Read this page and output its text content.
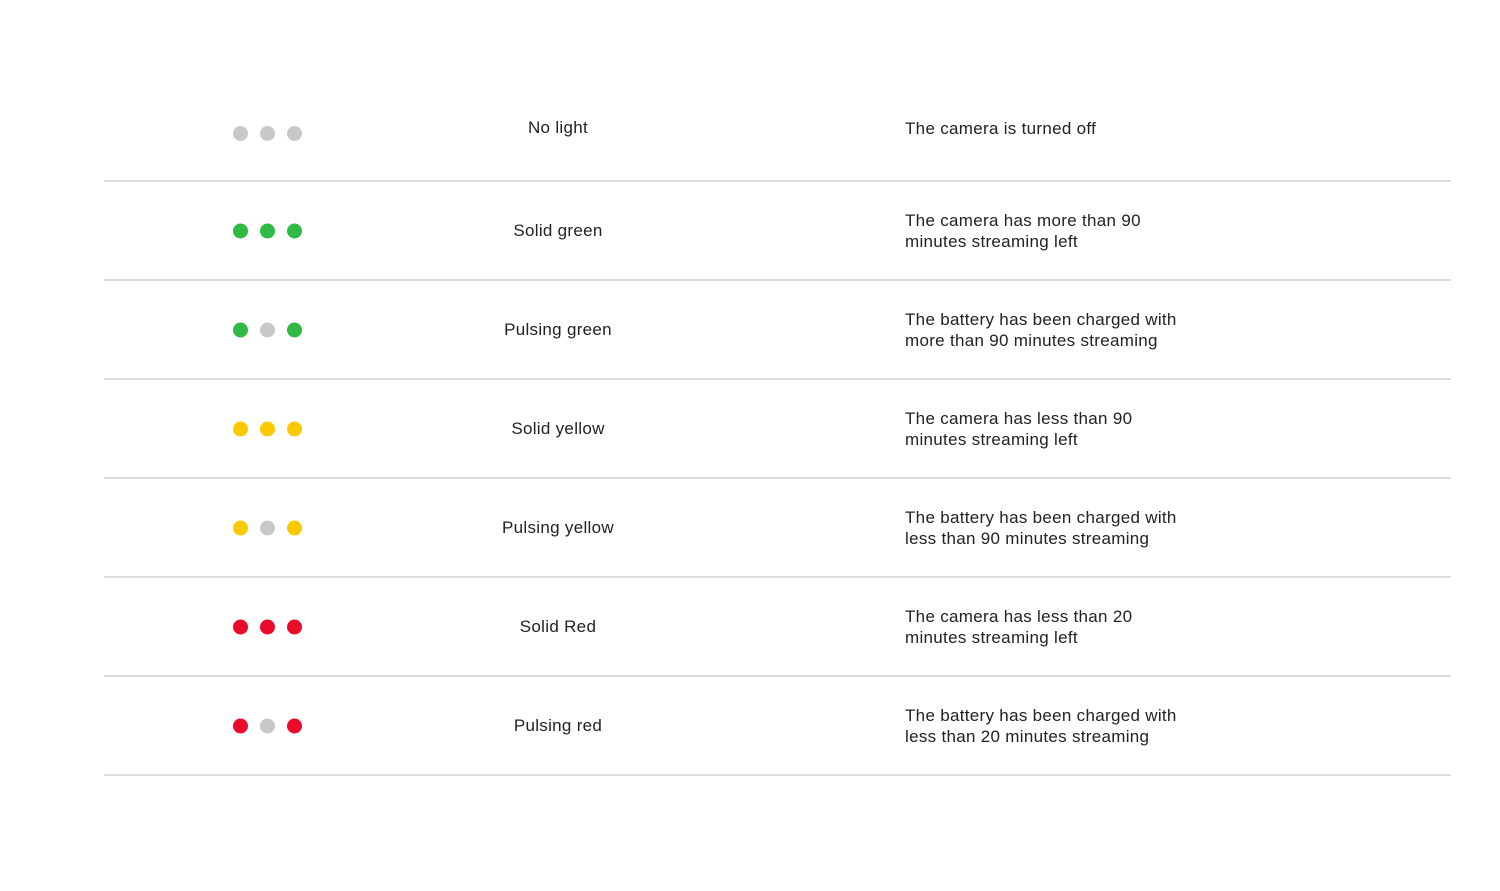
No light	The camera is turned off
Solid green
The camera has more than 90
minutes streaming left
Pulsing green
The battery has been charged with
more than 90 minutes streaming
Solid yellow
The camera has less than 90
minutes streaming left
Pulsing yellow
The battery has been charged with
less than 90 minutes streaming
Solid Red
The camera has less than 20
minutes streaming left
Pulsing red
The battery has been charged with
less than 20 minutes streaming
